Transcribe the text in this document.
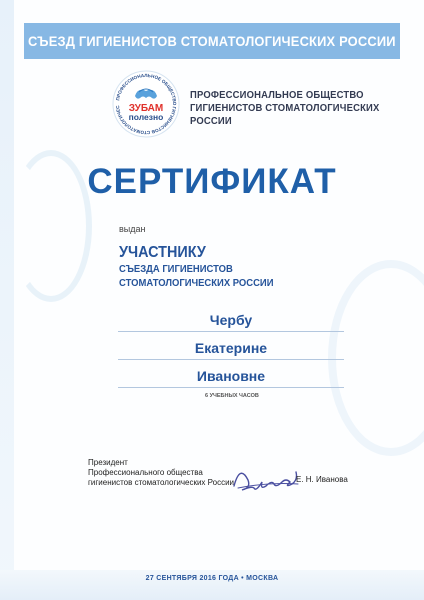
СЪЕЗД ГИГИЕНИСТОВ СТОМАТОЛОГИЧЕСКИХ РОССИИ
ПРОФЕССИОНАЛЬНОЕ ОБЩЕСТВО ГИГИЕНИСТОВ СТОМАТОЛОГИЧЕС ЗУБАМ
полезно
ПРОФЕССИОНАЛЬНОЕ ОБЩЕСТВО
ГИГИЕНИСТОВ СТОМАТОЛОГИЧЕСКИХ
РОССИИ
СЕРТИФИКАТ
выдан
УЧАСТНИКУ
СЪЕЗДА ГИГИЕНИСТОВ
СТОМАТОЛОГИЧЕСКИХ РОССИИ
Чербу
Екатерине
Ивановне
6 УЧЕБНЫХ ЧАСОВ
Президент
Профессионального общества
гигиенистов стоматологических России	Е. Н. Иванова
27 СЕНТЯБРЯ 2016 ГОДА • МОСКВА
